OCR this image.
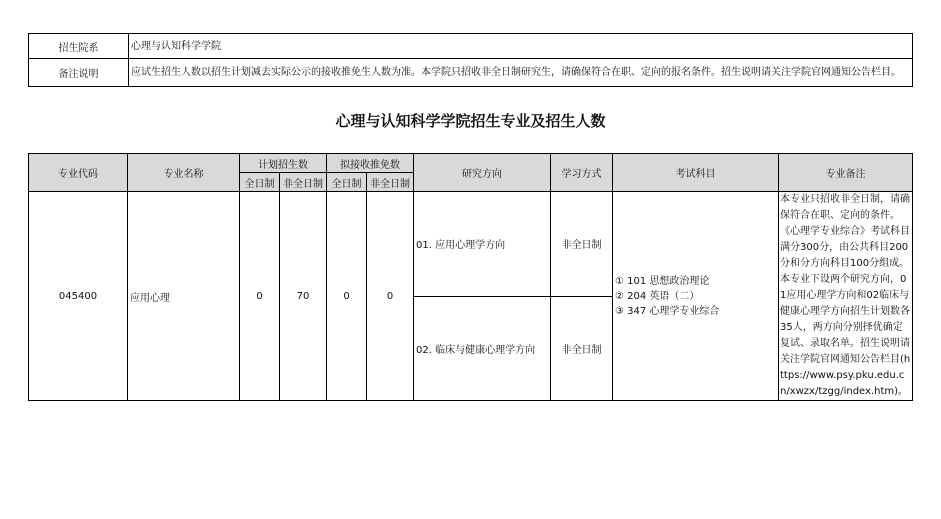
招生院系	心理与认知科学学院
备注说明	应试生招生人数以招生计划减去实际公示的接收推免生人数为准。本学院只招收非全日制研究生，请确保符合在职、定向的报名条件。招生说明请关注学院官网通知公告栏目。
心理与认知科学学院招生专业及招生人数
专业代码	专业名称	计划招生数		拟接收推免数		研究方向	学习方式	考试科目	专业备注
		全日制	非全日制	全日制	非全日制				
045400	应用心理	0	70	0	0	01. 应用心理学方向	非全日制	① 101 思想政治理论
② 204 英语（二）
③ 347 心理学专业综合	本专业只招收非全日制，请确保符合在职、定向的条件。《心理学专业综合》考试科目满分300分，由公共科目200分和分方向科目100分组成。本专业下设两个研究方向，01应用心理学方向和02临床与健康心理学方向招生计划数各35人，两方向分别择优确定复试、录取名单。招生说明请关注学院官网通知公告栏目(https://www.psy.pku.edu.cn/xwzx/tzgg/index.htm)。
						02. 临床与健康心理学方向	非全日制		
